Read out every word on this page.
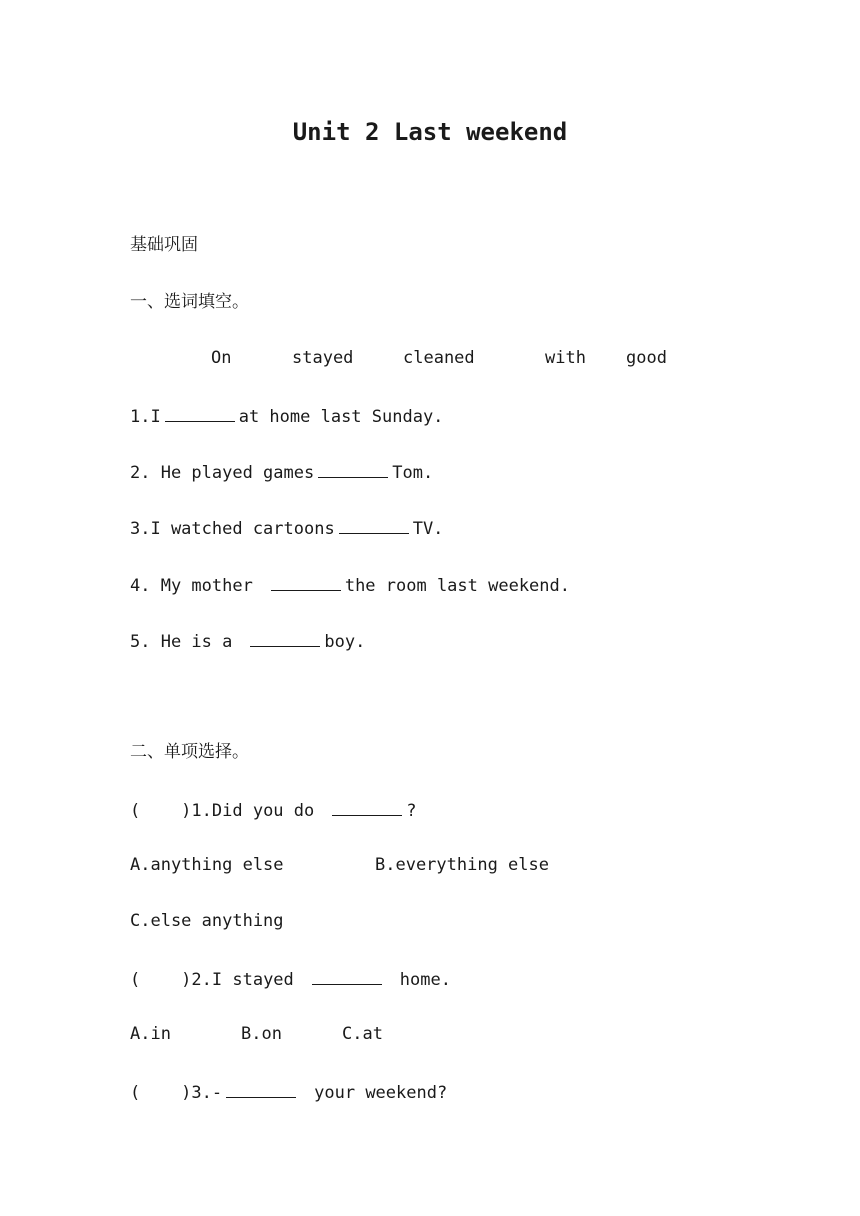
Unit 2 Last weekend
基础巩固
一、选词填空。
On	stayed	cleaned	with good
1.I	at home last Sunday.
2. He played games	Tom.
3.I watched cartoons	TV.
4. My mother	the room last weekend.
5. He is a	boy.
二、单项选择。
(    )1.Did you do	?
A.anything else	B.everything else
C.else anything
(    )2.I stayed	home.
A.in	B.on	C.at
(    )3.-	your weekend?
